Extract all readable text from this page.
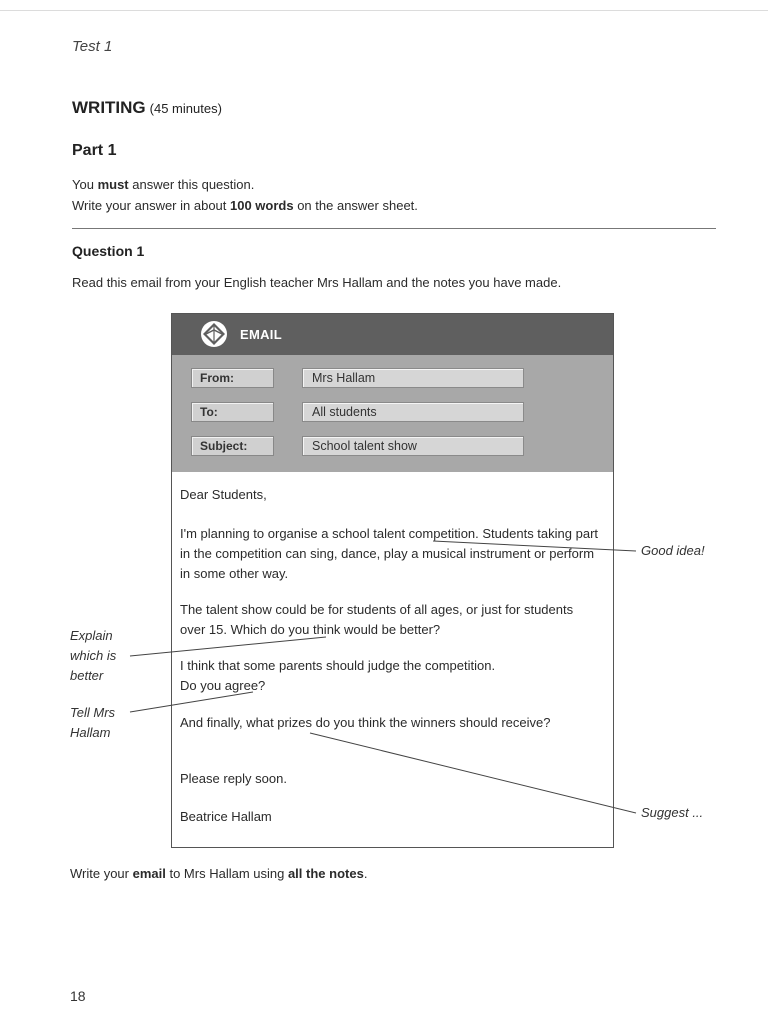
Test 1
WRITING (45 minutes)
Part 1
You must answer this question.
Write your answer in about 100 words on the answer sheet.
Question 1
Read this email from your English teacher Mrs Hallam and the notes you have made.
EMAIL
From:	Mrs Hallam
To:	All students
Subject:	School talent show

Dear Students,

I'm planning to organise a school talent competition. Students taking part in the competition can sing, dance, play a musical instrument or perform in some other way.

The talent show could be for students of all ages, or just for students over 15. Which do you think would be better?

I think that some parents should judge the competition.

Do you agree?

And finally, what prizes do you think the winners should receive?

Please reply soon.

Beatrice Hallam

Good idea!
Explain which is better
Tell Mrs Hallam
Suggest ...
Write your email to Mrs Hallam using all the notes.
18
